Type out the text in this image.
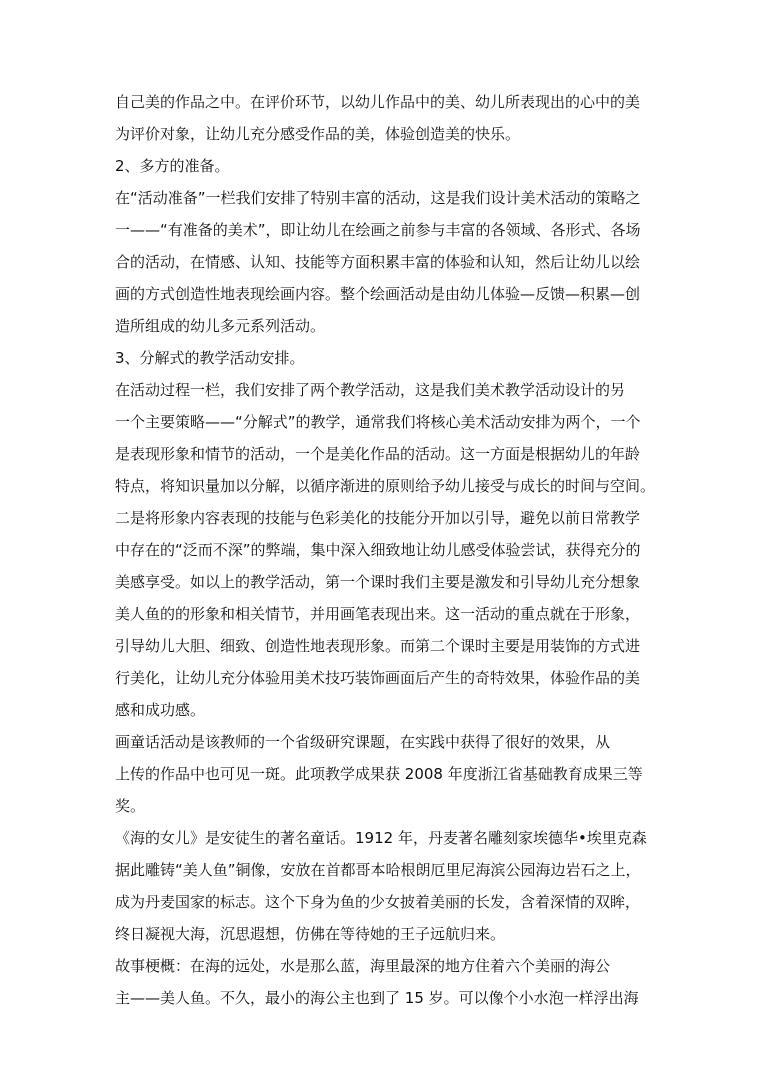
自己美的作品之中。在评价环节，以幼儿作品中的美、幼儿所表现出的心中的美
为评价对象，让幼儿充分感受作品的美，体验创造美的快乐。
2、多方的准备。
在“活动准备”一栏我们安排了特别丰富的活动，这是我们设计美术活动的策略之
一——“有准备的美术”，即让幼儿在绘画之前参与丰富的各领域、各形式、各场
合的活动，在情感、认知、技能等方面积累丰富的体验和认知，然后让幼儿以绘
画的方式创造性地表现绘画内容。整个绘画活动是由幼儿体验—反馈—积累—创
造所组成的幼儿多元系列活动。
3、分解式的教学活动安排。
在活动过程一栏，我们安排了两个教学活动，这是我们美术教学活动设计的另
一个主要策略——“分解式”的教学，通常我们将核心美术活动安排为两个，一个
是表现形象和情节的活动，一个是美化作品的活动。这一方面是根据幼儿的年龄
特点，将知识量加以分解，以循序渐进的原则给予幼儿接受与成长的时间与空间。
二是将形象内容表现的技能与色彩美化的技能分开加以引导，避免以前日常教学
中存在的“泛而不深”的弊端，集中深入细致地让幼儿感受体验尝试，获得充分的
美感享受。如以上的教学活动，第一个课时我们主要是激发和引导幼儿充分想象
美人鱼的的形象和相关情节，并用画笔表现出来。这一活动的重点就在于形象，
引导幼儿大胆、细致、创造性地表现形象。而第二个课时主要是用装饰的方式进
行美化，让幼儿充分体验用美术技巧装饰画面后产生的奇特效果，体验作品的美
感和成功感。
画童话活动是该教师的一个省级研究课题，在实践中获得了很好的效果，从
上传的作品中也可见一斑。此项教学成果获 2008 年度浙江省基础教育成果三等
奖。
《海的女儿》是安徒生的著名童话。1912 年，丹麦著名雕刻家埃德华•埃里克森
据此雕铸“美人鱼”铜像，安放在首都哥本哈根朗厄里尼海滨公园海边岩石之上，
成为丹麦国家的标志。这个下身为鱼的少女披着美丽的长发，含着深情的双眸，
终日凝视大海，沉思遐想，仿佛在等待她的王子远航归来。
故事梗概：在海的远处，水是那么蓝，海里最深的地方住着六个美丽的海公
主——美人鱼。不久，最小的海公主也到了 15 岁。可以像个小水泡一样浮出海
